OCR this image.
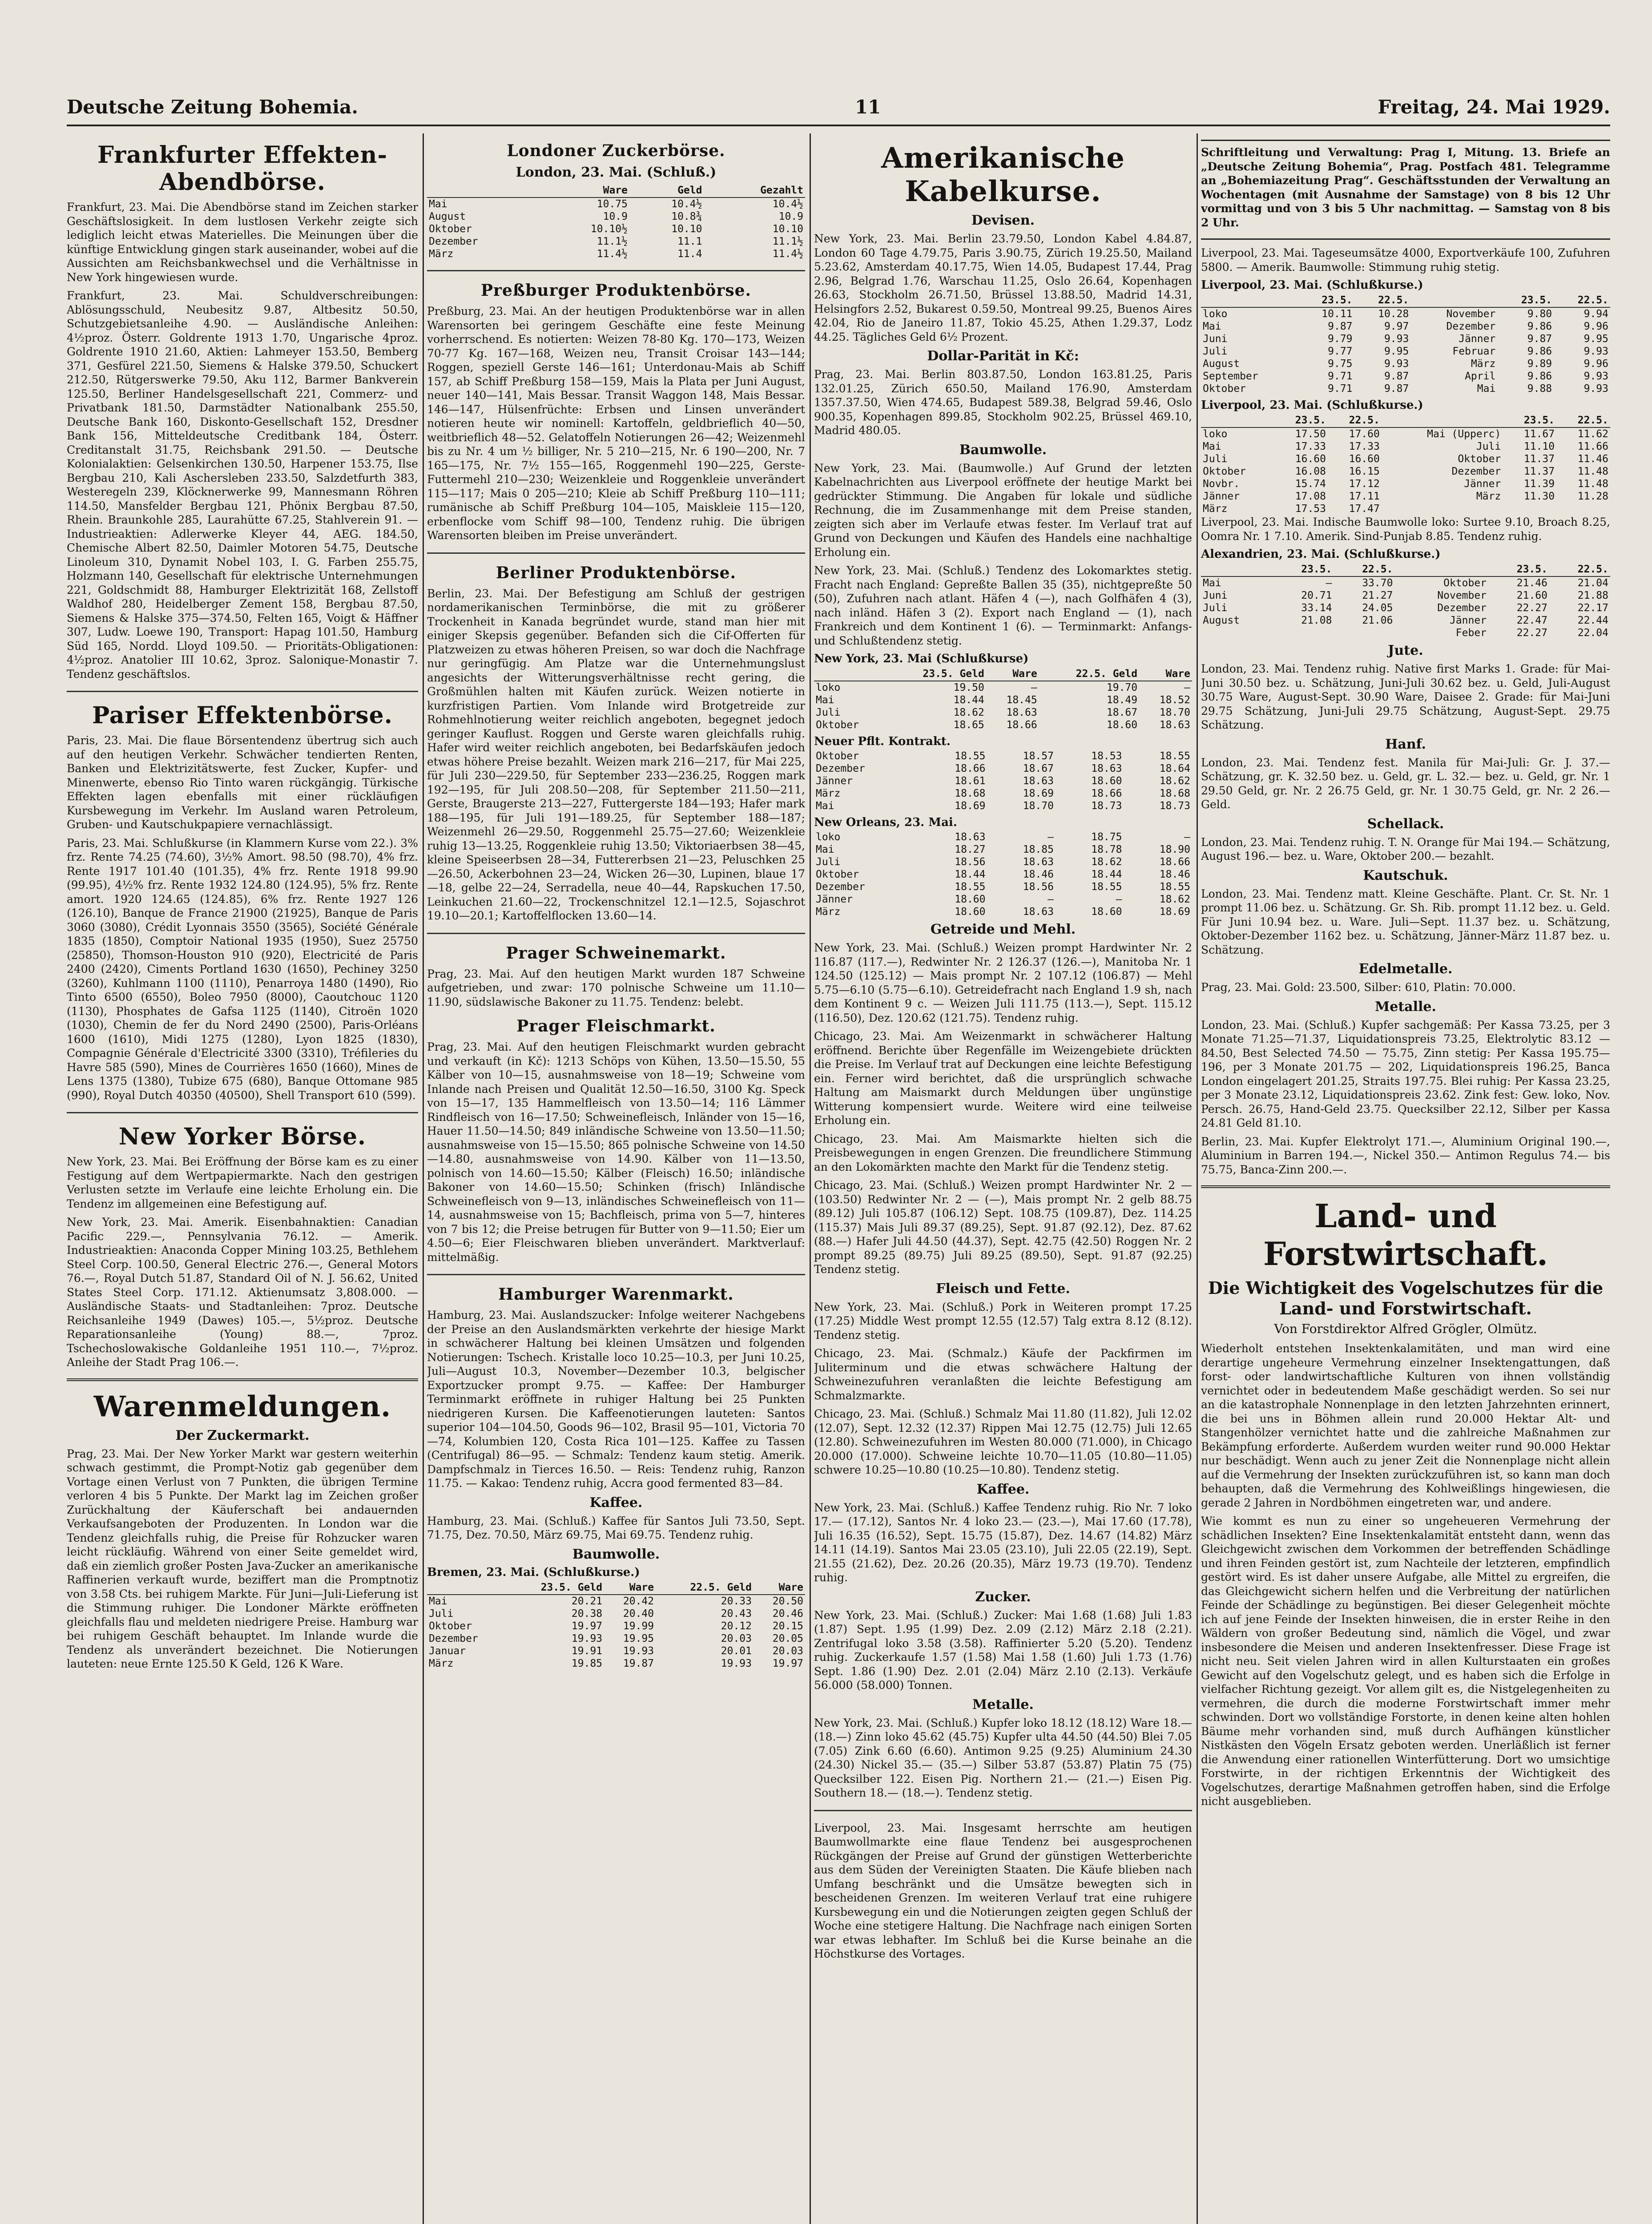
Deutsche Zeitung Bohemia.	11	Freitag, 24. Mai 1929.
Frankfurter Effekten-Abendbörse.

Frankfurt, 23. Mai. Die Abendbörse stand im Zeichen starker Geschäftslosigkeit. In dem lustlosen Verkehr zeigte sich lediglich leicht etwas Materielles. Die Meinungen über die künftige Entwicklung gingen stark auseinander, wobei auf die Aussichten am Reichsbankwechsel und die Verhältnisse in New York hingewiesen wurde.

Frankfurt, 23. Mai. Schuldverschreibungen: Ablösungsschuld, Neubesitz 9.87, Altbesitz 50.50, Schutzgebietsanleihe 4.90. — Ausländische Anleihen: 4½proz. Österr. Goldrente 1913 1.70, Ungarische 4proz. Goldrente 1910 21.60, Aktien: Lahmeyer 153.50, Bemberg 371, Gesfürel 221.50, Siemens & Halske 379.50, Schuckert 212.50, Rütgerswerke 79.50, Aku 112, Barmer Bankverein 125.50, Berliner Handelsgesellschaft 221, Commerz- und Privatbank 181.50, Darmstädter Nationalbank 255.50, Deutsche Bank 160, Diskonto-Gesellschaft 152, Dresdner Bank 156, Mitteldeutsche Creditbank 184, Österr. Creditanstalt 31.75, Reichsbank 291.50. — Deutsche Kolonialaktien: Gelsenkirchen 130.50, Harpener 153.75, Ilse Bergbau 210, Kali Aschersleben 233.50, Salzdetfurth 383, Westeregeln 239, Klöcknerwerke 99, Mannesmann Röhren 114.50, Mansfelder Bergbau 121, Phönix Bergbau 87.50, Rhein. Braunkohle 285, Laurahütte 67.25, Stahlverein 91. — Industrieaktien: Adlerwerke Kleyer 44, AEG. 184.50, Chemische Albert 82.50, Daimler Motoren 54.75, Deutsche Linoleum 310, Dynamit Nobel 103, I. G. Farben 255.75, Holzmann 140, Gesellschaft für elektrische Unternehmungen 221, Goldschmidt 88, Hamburger Elektrizität 168, Zellstoff Waldhof 280, Heidelberger Zement 158, Bergbau 87.50, Siemens & Halske 375—374.50, Felten 165, Voigt & Häffner 307, Ludw. Loewe 190, Transport: Hapag 101.50, Hamburg Süd 165, Nordd. Lloyd 109.50. — Prioritäts-Obligationen: 4½proz. Anatolier III 10.62, 3proz. Salonique-Monastir 7. Tendenz geschäftslos.

Pariser Effektenbörse.

Paris, 23. Mai. Die flaue Börsentendenz übertrug sich auch auf den heutigen Verkehr. Schwächer tendierten Renten, Banken und Elektrizitätswerte, fest Zucker, Kupfer- und Minenwerte, ebenso Rio Tinto waren rückgängig. Türkische Effekten lagen ebenfalls mit einer rückläufigen Kursbewegung im Verkehr. Im Ausland waren Petroleum, Gruben- und Kautschukpapiere vernachlässigt.

Paris, 23. Mai. Schlußkurse (in Klammern Kurse vom 22.). 3% frz. Rente 74.25 (74.60), 3½% Amort. 98.50 (98.70), 4% frz. Rente 1917 101.40 (101.35), 4% frz. Rente 1918 99.90 (99.95), 4½% frz. Rente 1932 124.80 (124.95), 5% frz. Rente amort. 1920 124.65 (124.85), 6% frz. Rente 1927 126 (126.10), Banque de France 21900 (21925), Banque de Paris 3060 (3080), Crédit Lyonnais 3550 (3565), Société Générale 1835 (1850), Comptoir National 1935 (1950), Suez 25750 (25850), Thomson-Houston 910 (920), Electricité de Paris 2400 (2420), Ciments Portland 1630 (1650), Pechiney 3250 (3260), Kuhlmann 1100 (1110), Penarroya 1480 (1490), Rio Tinto 6500 (6550), Boleo 7950 (8000), Caoutchouc 1120 (1130), Phosphates de Gafsa 1125 (1140), Citroën 1020 (1030), Chemin de fer du Nord 2490 (2500), Paris-Orléans 1600 (1610), Midi 1275 (1280), Lyon 1825 (1830), Compagnie Générale d'Electricité 3300 (3310), Tréfileries du Havre 585 (590), Mines de Courrières 1650 (1660), Mines de Lens 1375 (1380), Tubize 675 (680), Banque Ottomane 985 (990), Royal Dutch 40350 (40500), Shell Transport 610 (599).

New Yorker Börse.

New York, 23. Mai. Bei Eröffnung der Börse kam es zu einer Festigung auf dem Wertpapiermarkte. Nach den gestrigen Verlusten setzte im Verlaufe eine leichte Erholung ein. Die Tendenz im allgemeinen eine Befestigung auf.

New York, 23. Mai. Amerik. Eisenbahnaktien: Canadian Pacific 229.—, Pennsylvania 76.12. — Amerik. Industrieaktien: Anaconda Copper Mining 103.25, Bethlehem Steel Corp. 100.50, General Electric 276.—, General Motors 76.—, Royal Dutch 51.87, Standard Oil of N. J. 56.62, United States Steel Corp. 171.12. Aktienumsatz 3,808.000. — Ausländische Staats- und Stadtanleihen: 7proz. Deutsche Reichsanleihe 1949 (Dawes) 105.—, 5½proz. Deutsche Reparationsanleihe (Young) 88.—, 7proz. Tschechoslowakische Goldanleihe 1951 110.—, 7½proz. Anleihe der Stadt Prag 106.—.

Warenmeldungen.
Der Zuckermarkt.

Prag, 23. Mai. Der New Yorker Markt war gestern weiterhin schwach gestimmt, die Prompt-Notiz gab gegenüber dem Vortage einen Verlust von 7 Punkten, die übrigen Termine verloren 4 bis 5 Punkte. Der Markt lag im Zeichen großer Zurückhaltung der Käuferschaft bei andauernden Verkaufsangeboten der Produzenten. In London war die Tendenz gleichfalls ruhig, die Preise für Rohzucker waren leicht rückläufig. Während von einer Seite gemeldet wird, daß ein ziemlich großer Posten Java-Zucker an amerikanische Raffinerien verkauft wurde, beziffert man die Promptnotiz von 3.58 Cts. bei ruhigem Markte. Für Juni—Juli-Lieferung ist die Stimmung ruhiger. Die Londoner Märkte eröffneten gleichfalls flau und meldeten niedrigere Preise. Hamburg war bei ruhigem Geschäft behauptet. Im Inlande wurde die Tendenz als unverändert bezeichnet. Die Notierungen lauteten: neue Ernte 125.50 K Geld, 126 K Ware.

Londoner Zuckerbörse.
London, 23. Mai. (Schluß.)
	Ware	Geld	Gezahlt
Mai	10.75	10.4½	10.4½
August	10.9	10.8¾	10.9
Oktober	10.10½	10.10	10.10
Dezember	11.1½	11.1	11.1½
März	11.4½	11.4	11.4½
Preßburger Produktenbörse.

Preßburg, 23. Mai. An der heutigen Produktenbörse war in allen Warensorten bei geringem Geschäfte eine feste Meinung vorherrschend. Es notierten: Weizen 78-80 Kg. 170—173, Weizen 70-77 Kg. 167—168, Weizen neu, Transit Croisar 143—144; Roggen, speziell Gerste 146—161; Unterdonau-Mais ab Schiff 157, ab Schiff Preßburg 158—159, Mais la Plata per Juni August, neuer 140—141, Mais Bessar. Transit Waggon 148, Mais Bessar. 146—147, Hülsenfrüchte: Erbsen und Linsen unverändert notieren heute wir nominell: Kartoffeln, geldbrieflich 40—50, weitbrieflich 48—52. Gelatoffeln Notierungen 26—42; Weizenmehl bis zu Nr. 4 um ½ billiger, Nr. 5 210—215, Nr. 6 190—200, Nr. 7 165—175, Nr. 7½ 155—165, Roggenmehl 190—225, Gerste-Futtermehl 210—230; Weizenkleie und Roggenkleie unverändert 115—117; Mais 0 205—210; Kleie ab Schiff Preßburg 110—111; rumänische ab Schiff Preßburg 104—105, Maiskleie 115—120, erbenflocke vom Schiff 98—100, Tendenz ruhig. Die übrigen Warensorten bleiben im Preise unverändert.

Berliner Produktenbörse.

Berlin, 23. Mai. Der Befestigung am Schluß der gestrigen nordamerikanischen Terminbörse, die mit zu größerer Trockenheit in Kanada begründet wurde, stand man hier mit einiger Skepsis gegenüber. Befanden sich die Cif-Offerten für Platzweizen zu etwas höheren Preisen, so war doch die Nachfrage nur geringfügig. Am Platze war die Unternehmungslust angesichts der Witterungsverhältnisse recht gering, die Großmühlen halten mit Käufen zurück. Weizen notierte in kurzfristigen Partien. Vom Inlande wird Brotgetreide zur Rohmehlnotierung weiter reichlich angeboten, begegnet jedoch geringer Kauflust. Roggen und Gerste waren gleichfalls ruhig. Hafer wird weiter reichlich angeboten, bei Bedarfskäufen jedoch etwas höhere Preise bezahlt. Weizen mark 216—217, für Mai 225, für Juli 230—229.50, für September 233—236.25, Roggen mark 192—195, für Juli 208.50—208, für September 211.50—211, Gerste, Braugerste 213—227, Futtergerste 184—193; Hafer mark 188—195, für Juli 191—189.25, für September 188—187; Weizenmehl 26—29.50, Roggenmehl 25.75—27.60; Weizenkleie ruhig 13—13.25, Roggenkleie ruhig 13.50; Viktoriaerbsen 38—45, kleine Speiseerbsen 28—34, Futtererbsen 21—23, Peluschken 25—26.50, Ackerbohnen 23—24, Wicken 26—30, Lupinen, blaue 17—18, gelbe 22—24, Serradella, neue 40—44, Rapskuchen 17.50, Leinkuchen 21.60—22, Trockenschnitzel 12.1—12.5, Sojaschrot 19.10—20.1; Kartoffelflocken 13.60—14.

Prager Schweinemarkt.

Prag, 23. Mai. Auf den heutigen Markt wurden 187 Schweine aufgetrieben, und zwar: 170 polnische Schweine um 11.10—11.90, südslawische Bakoner zu 11.75. Tendenz: belebt.

Prager Fleischmarkt.

Prag, 23. Mai. Auf den heutigen Fleischmarkt wurden gebracht und verkauft (in Kč): 1213 Schöps von Kühen, 13.50—15.50, 55 Kälber von 10—15, ausnahmsweise von 18—19; Schweine vom Inlande nach Preisen und Qualität 12.50—16.50, 3100 Kg. Speck von 15—17, 135 Hammelfleisch von 13.50—14; 116 Lämmer Rindfleisch von 16—17.50; Schweinefleisch, Inländer von 15—16, Hauer 11.50—14.50; 849 inländische Schweine von 13.50—11.50; ausnahmsweise von 15—15.50; 865 polnische Schweine von 14.50—14.80, ausnahmsweise von 14.90. Kälber von 11—13.50, polnisch von 14.60—15.50; Kälber (Fleisch) 16.50; inländische Bakoner von 14.60—15.50; Schinken (frisch) Inländische Schweinefleisch von 9—13, inländisches Schweinefleisch von 11—14, ausnahmsweise von 15; Bachfleisch, prima von 5—7, hinteres von 7 bis 12; die Preise betrugen für Butter von 9—11.50; Eier um 4.50—6; Eier Fleischwaren blieben unverändert. Marktverlauf: mittelmäßig.

Hamburger Warenmarkt.

Hamburg, 23. Mai. Auslandszucker: Infolge weiterer Nachgebens der Preise an den Auslandsmärkten verkehrte der hiesige Markt in schwächerer Haltung bei kleinen Umsätzen und folgenden Notierungen: Tschech. Kristalle loco 10.25—10.3, per Juni 10.25, Juli—August 10.3, November—Dezember 10.3, belgischer Exportzucker prompt 9.75. — Kaffee: Der Hamburger Terminmarkt eröffnete in ruhiger Haltung bei 25 Punkten niedrigeren Kursen. Die Kaffeenotierungen lauteten: Santos superior 104—104.50, Goods 96—102, Brasil 95—101, Victoria 70—74, Kolumbien 120, Costa Rica 101—125. Kaffee zu Tassen (Centrifugal) 86—95. — Schmalz: Tendenz kaum stetig. Amerik. Dampfschmalz in Tierces 16.50. — Reis: Tendenz ruhig, Ranzon 11.75. — Kakao: Tendenz ruhig, Accra good fermented 83—84.

Kaffee.

Hamburg, 23. Mai. (Schluß.) Kaffee für Santos Juli 73.50, Sept. 71.75, Dez. 70.50, März 69.75, Mai 69.75. Tendenz ruhig.

Baumwolle.
Bremen, 23. Mai. (Schlußkurse.)
	23.5. Geld	Ware	22.5. Geld	Ware
Mai	20.21	20.42	20.33	20.50
Juli	20.38	20.40	20.43	20.46
Oktober	19.97	19.99	20.12	20.15
Dezember	19.93	19.95	20.03	20.05
Januar	19.91	19.93	20.01	20.03
März	19.85	19.87	19.93	19.97
Amerikanische Kabelkurse.
Devisen.

New York, 23. Mai. Berlin 23.79.50, London Kabel 4.84.87, London 60 Tage 4.79.75, Paris 3.90.75, Zürich 19.25.50, Mailand 5.23.62, Amsterdam 40.17.75, Wien 14.05, Budapest 17.44, Prag 2.96, Belgrad 1.76, Warschau 11.25, Oslo 26.64, Kopenhagen 26.63, Stockholm 26.71.50, Brüssel 13.88.50, Madrid 14.31, Helsingfors 2.52, Bukarest 0.59.50, Montreal 99.25, Buenos Aires 42.04, Rio de Janeiro 11.87, Tokio 45.25, Athen 1.29.37, Lodz 44.25. Tägliches Geld 6½ Prozent.

Dollar-Parität in Kč:

Prag, 23. Mai. Berlin 803.87.50, London 163.81.25, Paris 132.01.25, Zürich 650.50, Mailand 176.90, Amsterdam 1357.37.50, Wien 474.65, Budapest 589.38, Belgrad 59.46, Oslo 900.35, Kopenhagen 899.85, Stockholm 902.25, Brüssel 469.10, Madrid 480.05.

Baumwolle.

New York, 23. Mai. (Baumwolle.) Auf Grund der letzten Kabelnachrichten aus Liverpool eröffnete der heutige Markt bei gedrückter Stimmung. Die Angaben für lokale und südliche Rechnung, die im Zusammenhange mit dem Preise standen, zeigten sich aber im Verlaufe etwas fester. Im Verlauf trat auf Grund von Deckungen und Käufen des Handels eine nachhaltige Erholung ein.

New York, 23. Mai. (Schluß.) Tendenz des Lokomarktes stetig. Fracht nach England: Gepreßte Ballen 35 (35), nichtgepreßte 50 (50), Zufuhren nach atlant. Häfen 4 (—), nach Golfhäfen 4 (3), nach inländ. Häfen 3 (2). Export nach England — (1), nach Frankreich und dem Kontinent 1 (6). — Terminmarkt: Anfangs- und Schlußtendenz stetig.

New York, 23. Mai (Schlußkurse)
	23.5. Geld	Ware	22.5. Geld	Ware
loko	19.50	—	19.70	—
Mai	18.44	18.45	18.49	18.52
Juli	18.62	18.63	18.67	18.70
Oktober	18.65	18.66	18.60	18.63
Neuer Pflt. Kontrakt.
Oktober	18.55	18.57	18.53	18.55
Dezember	18.66	18.67	18.63	18.64
Jänner	18.61	18.63	18.60	18.62
März	18.68	18.69	18.66	18.68
Mai	18.69	18.70	18.73	18.73
New Orleans, 23. Mai.
loko	18.63	—	18.75	—
Mai	18.27	18.85	18.78	18.90
Juli	18.56	18.63	18.62	18.66
Oktober	18.44	18.46	18.44	18.46
Dezember	18.55	18.56	18.55	18.55
Jänner	18.60	—	—	18.62
März	18.60	18.63	18.60	18.69
Getreide und Mehl.

New York, 23. Mai. (Schluß.) Weizen prompt Hardwinter Nr. 2 116.87 (117.—), Redwinter Nr. 2 126.37 (126.—), Manitoba Nr. 1 124.50 (125.12) — Mais prompt Nr. 2 107.12 (106.87) — Mehl 5.75—6.10 (5.75—6.10). Getreidefracht nach England 1.9 sh, nach dem Kontinent 9 c. — Weizen Juli 111.75 (113.—), Sept. 115.12 (116.50), Dez. 120.62 (121.75). Tendenz ruhig.

Chicago, 23. Mai. Am Weizenmarkt in schwächerer Haltung eröffnend. Berichte über Regenfälle im Weizengebiete drückten die Preise. Im Verlauf trat auf Deckungen eine leichte Befestigung ein. Ferner wird berichtet, daß die ursprünglich schwache Haltung am Maismarkt durch Meldungen über ungünstige Witterung kompensiert wurde. Weitere wird eine teilweise Erholung ein.

Chicago, 23. Mai. Am Maismarkte hielten sich die Preisbewegungen in engen Grenzen. Die freundlichere Stimmung an den Lokomärkten machte den Markt für die Tendenz stetig.

Chicago, 23. Mai. (Schluß.) Weizen prompt Hardwinter Nr. 2 — (103.50) Redwinter Nr. 2 — (—), Mais prompt Nr. 2 gelb 88.75 (89.12) Juli 105.87 (106.12) Sept. 108.75 (109.87), Dez. 114.25 (115.37) Mais Juli 89.37 (89.25), Sept. 91.87 (92.12), Dez. 87.62 (88.—) Hafer Juli 44.50 (44.37), Sept. 42.75 (42.50) Roggen Nr. 2 prompt 89.25 (89.75) Juli 89.25 (89.50), Sept. 91.87 (92.25) Tendenz stetig.

Fleisch und Fette.

New York, 23. Mai. (Schluß.) Pork in Weiteren prompt 17.25 (17.25) Middle West prompt 12.55 (12.57) Talg extra 8.12 (8.12). Tendenz stetig.

Chicago, 23. Mai. (Schmalz.) Käufe der Packfirmen im Juliterminum und die etwas schwächere Haltung der Schweinezufuhren veranlaßten die leichte Befestigung am Schmalzmarkte.

Chicago, 23. Mai. (Schluß.) Schmalz Mai 11.80 (11.82), Juli 12.02 (12.07), Sept. 12.32 (12.37) Rippen Mai 12.75 (12.75) Juli 12.65 (12.80). Schweinezufuhren im Westen 80.000 (71.000), in Chicago 20.000 (17.000). Schweine leichte 10.70—11.05 (10.80—11.05) schwere 10.25—10.80 (10.25—10.80). Tendenz stetig.

Kaffee.

New York, 23. Mai. (Schluß.) Kaffee Tendenz ruhig. Rio Nr. 7 loko 17.— (17.12), Santos Nr. 4 loko 23.— (23.—), Mai 17.60 (17.78), Juli 16.35 (16.52), Sept. 15.75 (15.87), Dez. 14.67 (14.82) März 14.11 (14.19). Santos Mai 23.05 (23.10), Juli 22.05 (22.19), Sept. 21.55 (21.62), Dez. 20.26 (20.35), März 19.73 (19.70). Tendenz ruhig.

Zucker.

New York, 23. Mai. (Schluß.) Zucker: Mai 1.68 (1.68) Juli 1.83 (1.87) Sept. 1.95 (1.99) Dez. 2.09 (2.12) März 2.18 (2.21). Zentrifugal loko 3.58 (3.58). Raffinierter 5.20 (5.20). Tendenz ruhig. Zuckerkaufe 1.57 (1.58) Mai 1.58 (1.60) Juli 1.73 (1.76) Sept. 1.86 (1.90) Dez. 2.01 (2.04) März 2.10 (2.13). Verkäufe 56.000 (58.000) Tonnen.

Metalle.

New York, 23. Mai. (Schluß.) Kupfer loko 18.12 (18.12) Ware 18.— (18.—) Zinn loko 45.62 (45.75) Kupfer ulta 44.50 (44.50) Blei 7.05 (7.05) Zink 6.60 (6.60). Antimon 9.25 (9.25) Aluminium 24.30 (24.30) Nickel 35.— (35.—) Silber 53.87 (53.87) Platin 75 (75) Quecksilber 122. Eisen Pig. Northern 21.— (21.—) Eisen Pig. Southern 18.— (18.—). Tendenz stetig.

Liverpool, 23. Mai. Insgesamt herrschte am heutigen Baumwollmarkte eine flaue Tendenz bei ausgesprochenen Rückgängen der Preise auf Grund der günstigen Wetterberichte aus dem Süden der Vereinigten Staaten. Die Käufe blieben nach Umfang beschränkt und die Umsätze bewegten sich in bescheidenen Grenzen. Im weiteren Verlauf trat eine ruhigere Kursbewegung ein und die Notierungen zeigten gegen Schluß der Woche eine stetigere Haltung. Die Nachfrage nach einigen Sorten war etwas lebhafter. Im Schluß bei die Kurse beinahe an die Höchstkurse des Vortages.

Schriftleitung und Verwaltung: Prag I, Mitung. 13. Briefe an „Deutsche Zeitung Bohemia“, Prag. Postfach 481. Telegramme an „Bohemiazeitung Prag“. Geschäftsstunden der Verwaltung an Wochentagen (mit Ausnahme der Samstage) von 8 bis 12 Uhr vormittag und von 3 bis 5 Uhr nachmittag. — Samstag von 8 bis 2 Uhr.

Liverpool, 23. Mai. Tageseumsätze 4000, Exportverkäufe 100, Zufuhren 5800. — Amerik. Baumwolle: Stimmung ruhig stetig.

Liverpool, 23. Mai. (Schlußkurse.)
	23.5.	22.5.		23.5.	22.5.
loko	10.11	10.28	November	9.80	9.94
Mai	9.87	9.97	Dezember	9.86	9.96
Juni	9.79	9.93	Jänner	9.87	9.95
Juli	9.77	9.95	Februar	9.86	9.93
August	9.75	9.93	März	9.89	9.96
September	9.71	9.87	April	9.86	9.93
Oktober	9.71	9.87	Mai	9.88	9.93
Liverpool, 23. Mai. (Schlußkurse.)
	23.5.	22.5.		23.5.	22.5.
loko	17.50	17.60	Mai (Upperc)	11.67	11.62
Mai	17.33	17.33	Juli	11.10	11.66
Juli	16.60	16.60	Oktober	11.37	11.46
Oktober	16.08	16.15	Dezember	11.37	11.48
Novbr.	15.74	17.12	Jänner	11.39	11.48
Jänner	17.08	17.11	März	11.30	11.28
März	17.53	17.47			

Liverpool, 23. Mai. Indische Baumwolle loko: Surtee 9.10, Broach 8.25, Oomra Nr. 1 7.10. Amerik. Sind-Punjab 8.85. Tendenz ruhig.

Alexandrien, 23. Mai. (Schlußkurse.)
	23.5.	22.5.		23.5.	22.5.
Mai	—	33.70	Oktober	21.46	21.04
Juni	20.71	21.27	November	21.60	21.88
Juli	33.14	24.05	Dezember	22.27	22.17
August	21.08	21.06	Jänner	22.47	22.44
			Feber	22.27	22.04
Jute.

London, 23. Mai. Tendenz ruhig. Native first Marks 1. Grade: für Mai-Juni 30.50 bez. u. Schätzung, Juni-Juli 30.62 bez. u. Geld, Juli-August 30.75 Ware, August-Sept. 30.90 Ware, Daisee 2. Grade: für Mai-Juni 29.75 Schätzung, Juni-Juli 29.75 Schätzung, August-Sept. 29.75 Schätzung.

Hanf.

London, 23. Mai. Tendenz fest. Manila für Mai-Juli: Gr. J. 37.— Schätzung, gr. K. 32.50 bez. u. Geld, gr. L. 32.— bez. u. Geld, gr. Nr. 1 29.50 Geld, gr. Nr. 2 26.75 Geld, gr. Nr. 1 30.75 Geld, gr. Nr. 2 26.— Geld.

Schellack.

London, 23. Mai. Tendenz ruhig. T. N. Orange für Mai 194.— Schätzung, August 196.— bez. u. Ware, Oktober 200.— bezahlt.

Kautschuk.

London, 23. Mai. Tendenz matt. Kleine Geschäfte. Plant. Cr. St. Nr. 1 prompt 11.06 bez. u. Schätzung. Gr. Sh. Rib. prompt 11.12 bez. u. Geld. Für Juni 10.94 bez. u. Ware. Juli—Sept. 11.37 bez. u. Schätzung, Oktober-Dezember 1162 bez. u. Schätzung, Jänner-März 11.87 bez. u. Schätzung.

Edelmetalle.

Prag, 23. Mai. Gold: 23.500, Silber: 610, Platin: 70.000.

Metalle.

London, 23. Mai. (Schluß.) Kupfer sachgemäß: Per Kassa 73.25, per 3 Monate 71.25—71.37, Liquidationspreis 73.25, Elektrolytic 83.12 — 84.50, Best Selected 74.50 — 75.75, Zinn stetig: Per Kassa 195.75—196, per 3 Monate 201.75 — 202, Liquidationspreis 196.25, Banca London eingelagert 201.25, Straits 197.75. Blei ruhig: Per Kassa 23.25, per 3 Monate 23.12, Liquidationspreis 23.62. Zink fest: Gew. loko, Nov. Persch. 26.75, Hand-Geld 23.75. Quecksilber 22.12, Silber per Kassa 24.81 Geld 81.10.

Berlin, 23. Mai. Kupfer Elektrolyt 171.—, Aluminium Original 190.—, Aluminium in Barren 194.—, Nickel 350.— Antimon Regulus 74.— bis 75.75, Banca-Zinn 200.—.

Land- und Forstwirtschaft.
Die Wichtigkeit des Vogelschutzes für die Land- und Forstwirtschaft.
Von Forstdirektor Alfred Grögler, Olmütz.

Wiederholt entstehen Insektenkalamitäten, und man wird eine derartige ungeheure Vermehrung einzelner Insektengattungen, daß forst- oder landwirtschaftliche Kulturen von ihnen vollständig vernichtet oder in bedeutendem Maße geschädigt werden. So sei nur an die katastrophale Nonnenplage in den letzten Jahrzehnten erinnert, die bei uns in Böhmen allein rund 20.000 Hektar Alt- und Stangenhölzer vernichtet hatte und die zahlreiche Maßnahmen zur Bekämpfung erforderte. Außerdem wurden weiter rund 90.000 Hektar nur beschädigt. Wenn auch zu jener Zeit die Nonnenplage nicht allein auf die Vermehrung der Insekten zurückzuführen ist, so kann man doch behaupten, daß die Vermehrung des Kohlweißlings hingewiesen, die gerade 2 Jahren in Nordböhmen eingetreten war, und andere.

Wie kommt es nun zu einer so ungeheueren Vermehrung der schädlichen Insekten? Eine Insektenkalamität entsteht dann, wenn das Gleichgewicht zwischen dem Vorkommen der betreffenden Schädlinge und ihren Feinden gestört ist, zum Nachteile der letzteren, empfindlich gestört wird. Es ist daher unsere Aufgabe, alle Mittel zu ergreifen, die das Gleichgewicht sichern helfen und die Verbreitung der natürlichen Feinde der Schädlinge zu begünstigen. Bei dieser Gelegenheit möchte ich auf jene Feinde der Insekten hinweisen, die in erster Reihe in den Wäldern von großer Bedeutung sind, nämlich die Vögel, und zwar insbesondere die Meisen und anderen Insektenfresser. Diese Frage ist nicht neu. Seit vielen Jahren wird in allen Kulturstaaten ein großes Gewicht auf den Vogelschutz gelegt, und es haben sich die Erfolge in vielfacher Richtung gezeigt. Vor allem gilt es, die Nistgelegenheiten zu vermehren, die durch die moderne Forstwirtschaft immer mehr schwinden. Dort wo vollständige Forstorte, in denen keine alten hohlen Bäume mehr vorhanden sind, muß durch Aufhängen künstlicher Nistkästen den Vögeln Ersatz geboten werden. Unerläßlich ist ferner die Anwendung einer rationellen Winterfütterung. Dort wo umsichtige Forstwirte, in der richtigen Erkenntnis der Wichtigkeit des Vogelschutzes, derartige Maßnahmen getroffen haben, sind die Erfolge nicht ausgeblieben.
